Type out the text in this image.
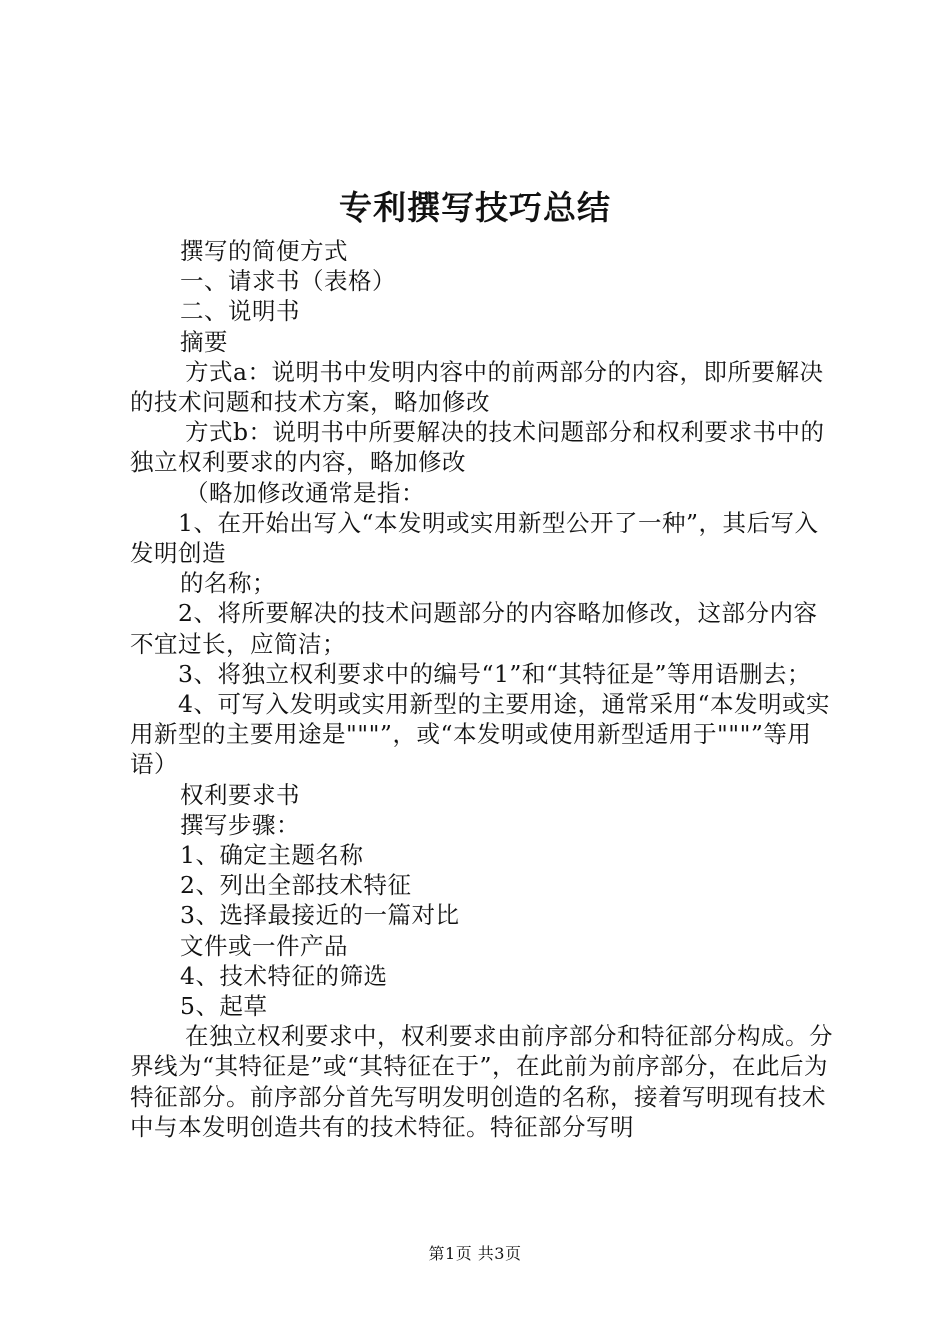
专利撰写技巧总结

撰写的简便方式

一、请求书（表格）

二、说明书

摘要

方式a：说明书中发明内容中的前两部分的内容，即所要解决的技术问题和技术方案，略加修改

方式b：说明书中所要解决的技术问题部分和权利要求书中的独立权利要求的内容，略加修改

（略加修改通常是指：

1、在开始出写入“本发明或实用新型公开了一种”，其后写入发明创造

的名称；

2、将所要解决的技术问题部分的内容略加修改，这部分内容不宜过长，应简洁；

3、将独立权利要求中的编号“1”和“其特征是”等用语删去；

4、可写入发明或实用新型的主要用途，通常采用“本发明或实用新型的主要用途是"""”，或“本发明或使用新型适用于"""”等用语）

权利要求书

撰写步骤：

1、确定主题名称

2、列出全部技术特征

3、选择最接近的一篇对比

文件或一件产品

4、技术特征的筛选

5、起草

在独立权利要求中，权利要求由前序部分和特征部分构成。分界线为“其特征是”或“其特征在于”，在此前为前序部分，在此后为特征部分。前序部分首先写明发明创造的名称，接着写明现有技术中与本发明创造共有的技术特征。特征部分写明

第1页 共3页
